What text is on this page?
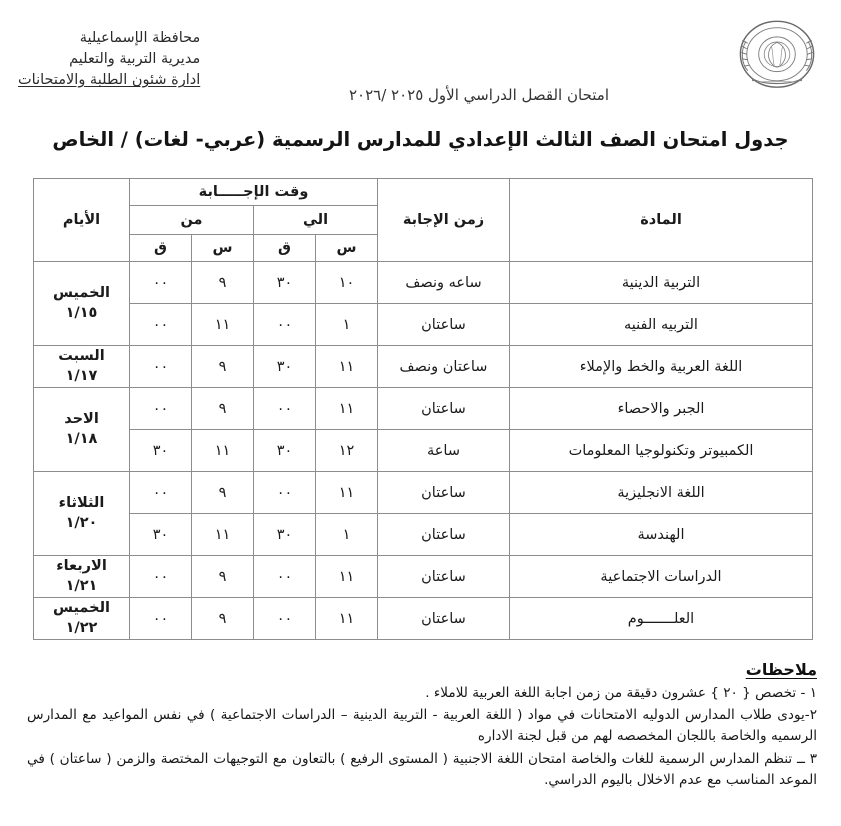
محافظة الإسماعيلية
مديرية التربية والتعليم
ادارة شئون الطلبة والامتحانات
امتحان القصل الدراسي الأول ٢٠٢٥ /٢٠٢٦
جدول امتحان الصف الثالث الإعدادي للمدارس الرسمية (عربي- لغات) / الخاص
المادة	زمن الإجابة	وقت الإجـــــابة				الأيام
		الي		من		
		س	ق	س	ق	
التربية الدينية	ساعه ونصف	١٠	٣٠	٩	٠٠	الخميس
١/١٥

التربيه الفنيه	ساعتان	١	٠٠	١١	٠٠	
اللغة العربية والخط والإملاء	ساعتان ونصف	١١	٣٠	٩	٠٠	السبت
١/١٧

الجبر والاحصاء	ساعتان	١١	٠٠	٩	٠٠	الاحد
١/١٨

الكمبيوتر وتكنولوجيا المعلومات	ساعة	١٢	٣٠	١١	٣٠	
اللغة الانجليزية	ساعتان	١١	٠٠	٩	٠٠	الثلاثاء
١/٢٠

الهندسة	ساعتان	١	٣٠	١١	٣٠	
الدراسات الاجتماعية	ساعتان	١١	٠٠	٩	٠٠	الاربعاء
١/٢١

العلـــــــوم	ساعتان	١١	٠٠	٩	٠٠	الخميس
١/٢٢
ملاحظات

١ - تخصص { ٢٠ } عشرون دقيقة من زمن اجابة اللغة العربية للاملاء .

٢-يودى طلاب المدارس الدوليه الامتحانات في مواد ( اللغة العربية - التربية الدينية – الدراسات الاجتماعية ) في نفس المواعيد مع المدارس الرسميه والخاصة باللجان المخصصه لهم من قبل لجنة الاداره

٣ ــ تنظم المدارس الرسمية للغات والخاصة امتحان اللغة الاجنبية ( المستوى الرفيع ) بالتعاون مع التوجيهات المختصة والزمن ( ساعتان ) في الموعد المناسب مع عدم الاخلال باليوم الدراسي.
